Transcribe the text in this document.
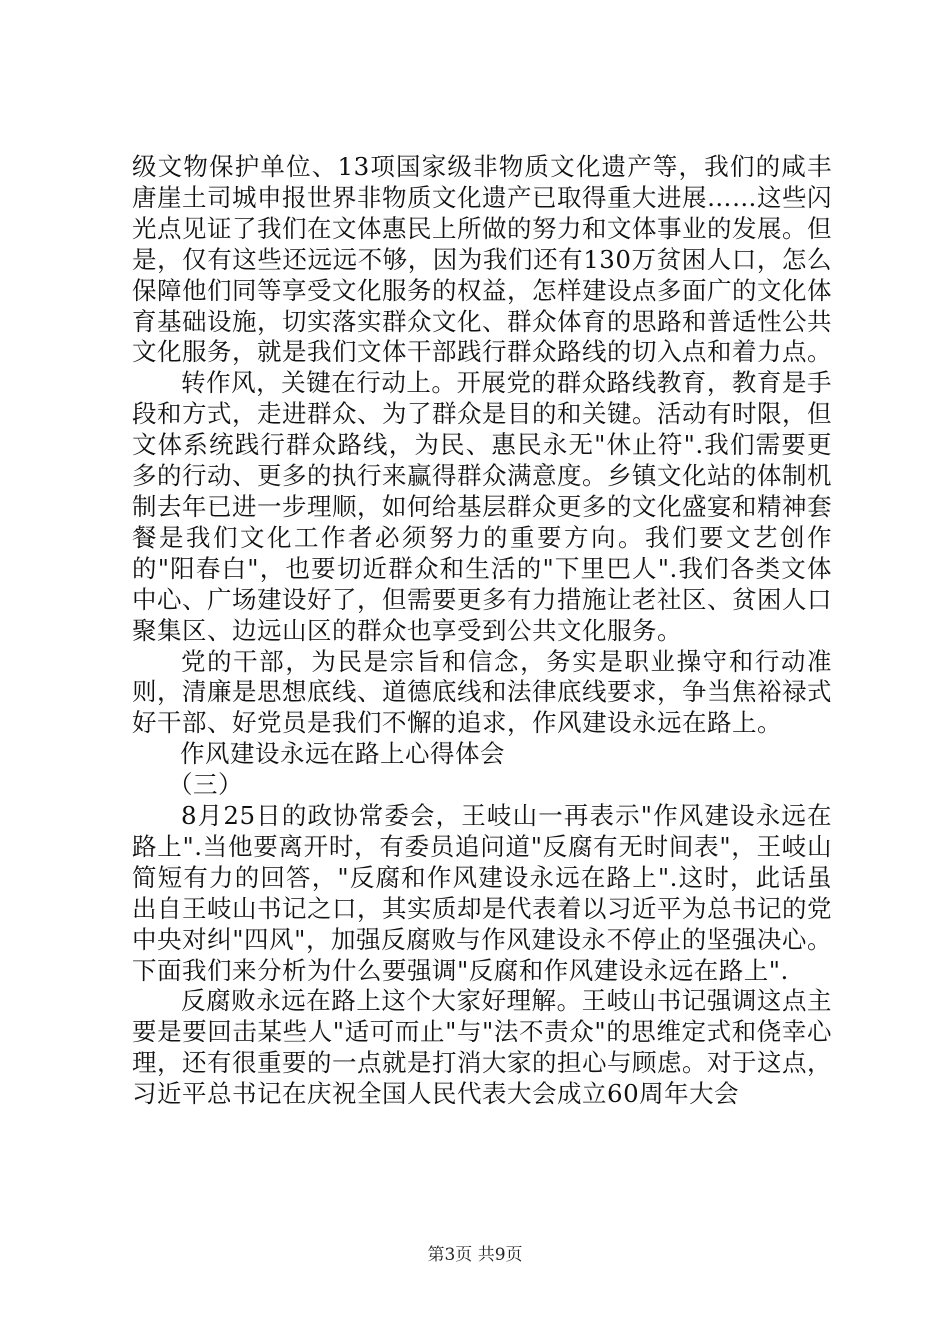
级文物保护单位、13项国家级非物质文化遗产等，我们的咸丰唐崖土司城申报世界非物质文化遗产已取得重大进展……这些闪光点见证了我们在文体惠民上所做的努力和文体事业的发展。但是，仅有这些还远远不够，因为我们还有130万贫困人口，怎么保障他们同等享受文化服务的权益，怎样建设点多面广的文化体育基础设施，切实落实群众文化、群众体育的思路和普适性公共文化服务，就是我们文体干部践行群众路线的切入点和着力点。

转作风，关键在行动上。开展党的群众路线教育，教育是手段和方式，走进群众、为了群众是目的和关键。活动有时限，但文体系统践行群众路线，为民、惠民永无"休止符".我们需要更多的行动、更多的执行来赢得群众满意度。乡镇文化站的体制机制去年已进一步理顺，如何给基层群众更多的文化盛宴和精神套餐是我们文化工作者必须努力的重要方向。我们要文艺创作的"阳春白"，也要切近群众和生活的"下里巴人".我们各类文体中心、广场建设好了，但需要更多有力措施让老社区、贫困人口聚集区、边远山区的群众也享受到公共文化服务。

党的干部，为民是宗旨和信念，务实是职业操守和行动准则，清廉是思想底线、道德底线和法律底线要求，争当焦裕禄式好干部、好党员是我们不懈的追求，作风建设永远在路上。

作风建设永远在路上心得体会

（三）

8月25日的政协常委会，王岐山一再表示"作风建设永远在路上".当他要离开时，有委员追问道"反腐有无时间表"，王岐山简短有力的回答，"反腐和作风建设永远在路上".这时，此话虽出自王岐山书记之口，其实质却是代表着以习近平为总书记的党中央对纠"四风"，加强反腐败与作风建设永不停止的坚强决心。下面我们来分析为什么要强调"反腐和作风建设永远在路上".

反腐败永远在路上这个大家好理解。王岐山书记强调这点主要是要回击某些人"适可而止"与"法不责众"的思维定式和侥幸心理，还有很重要的一点就是打消大家的担心与顾虑。对于这点，习近平总书记在庆祝全国人民代表大会成立60周年大会

第3页 共9页
